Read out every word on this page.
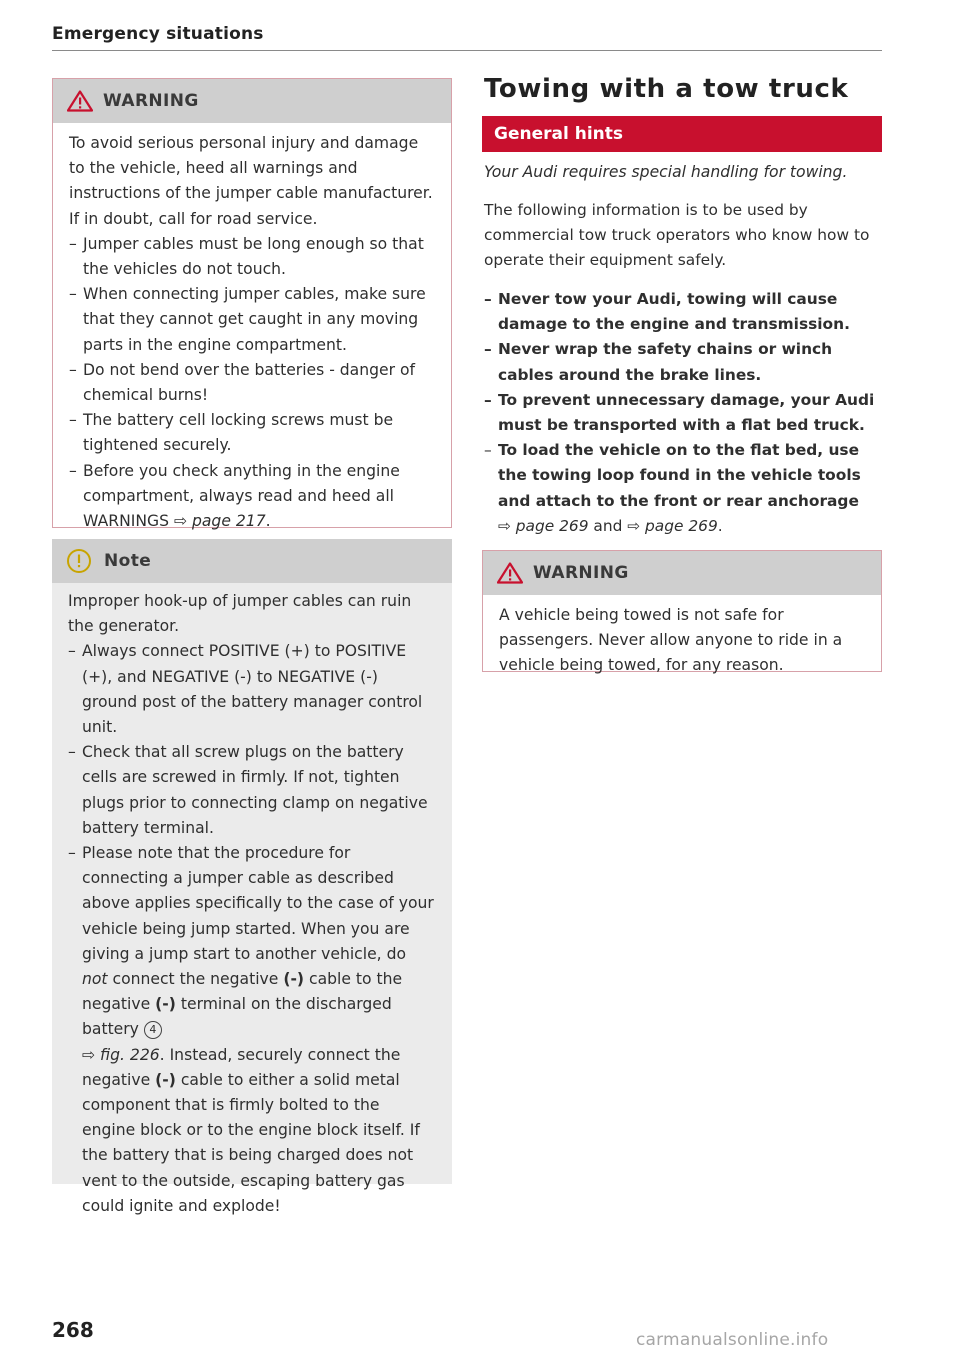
Emergency situations
WARNING
To avoid serious personal injury and damage to the vehicle, heed all warnings and instructions of the jumper cable manufacturer. If in doubt, call for road service.
– Jumper cables must be long enough so that the vehicles do not touch.
– When connecting jumper cables, make sure that they cannot get caught in any moving parts in the engine compartment.
– Do not bend over the batteries - danger of chemical burns!
– The battery cell locking screws must be tightened securely.
– Before you check anything in the engine compartment, always read and heed all WARNINGS ⇨ page 217.
Note
Improper hook-up of jumper cables can ruin the generator.
– Always connect POSITIVE (+) to POSITIVE (+), and NEGATIVE (-) to NEGATIVE (-) ground post of the battery manager control unit.
– Check that all screw plugs on the battery cells are screwed in firmly. If not, tighten plugs prior to connecting clamp on negative battery terminal.
– Please note that the procedure for connecting a jumper cable as described above applies specifically to the case of your vehicle being jump started. When you are giving a jump start to another vehicle, do not connect the negative (-) cable to the negative (-) terminal on the discharged battery 4
⇨ fig. 226. Instead, securely connect the negative (-) cable to either a solid metal component that is firmly bolted to the engine block or to the engine block itself. If the battery that is being charged does not vent to the outside, escaping battery gas could ignite and explode!
Towing with a tow truck
General hints
Your Audi requires special handling for towing.
The following information is to be used by commercial tow truck operators who know how to operate their equipment safely.
– Never tow your Audi, towing will cause damage to the engine and transmission.
– Never wrap the safety chains or winch cables around the brake lines.
– To prevent unnecessary damage, your Audi must be transported with a flat bed truck.
– To load the vehicle on to the flat bed, use the towing loop found in the vehicle tools and attach to the front or rear anchorage
⇨ page 269 and ⇨ page 269.
WARNING
A vehicle being towed is not safe for passengers. Never allow anyone to ride in a vehicle being towed, for any reason.
268	carmanualsonline.info
